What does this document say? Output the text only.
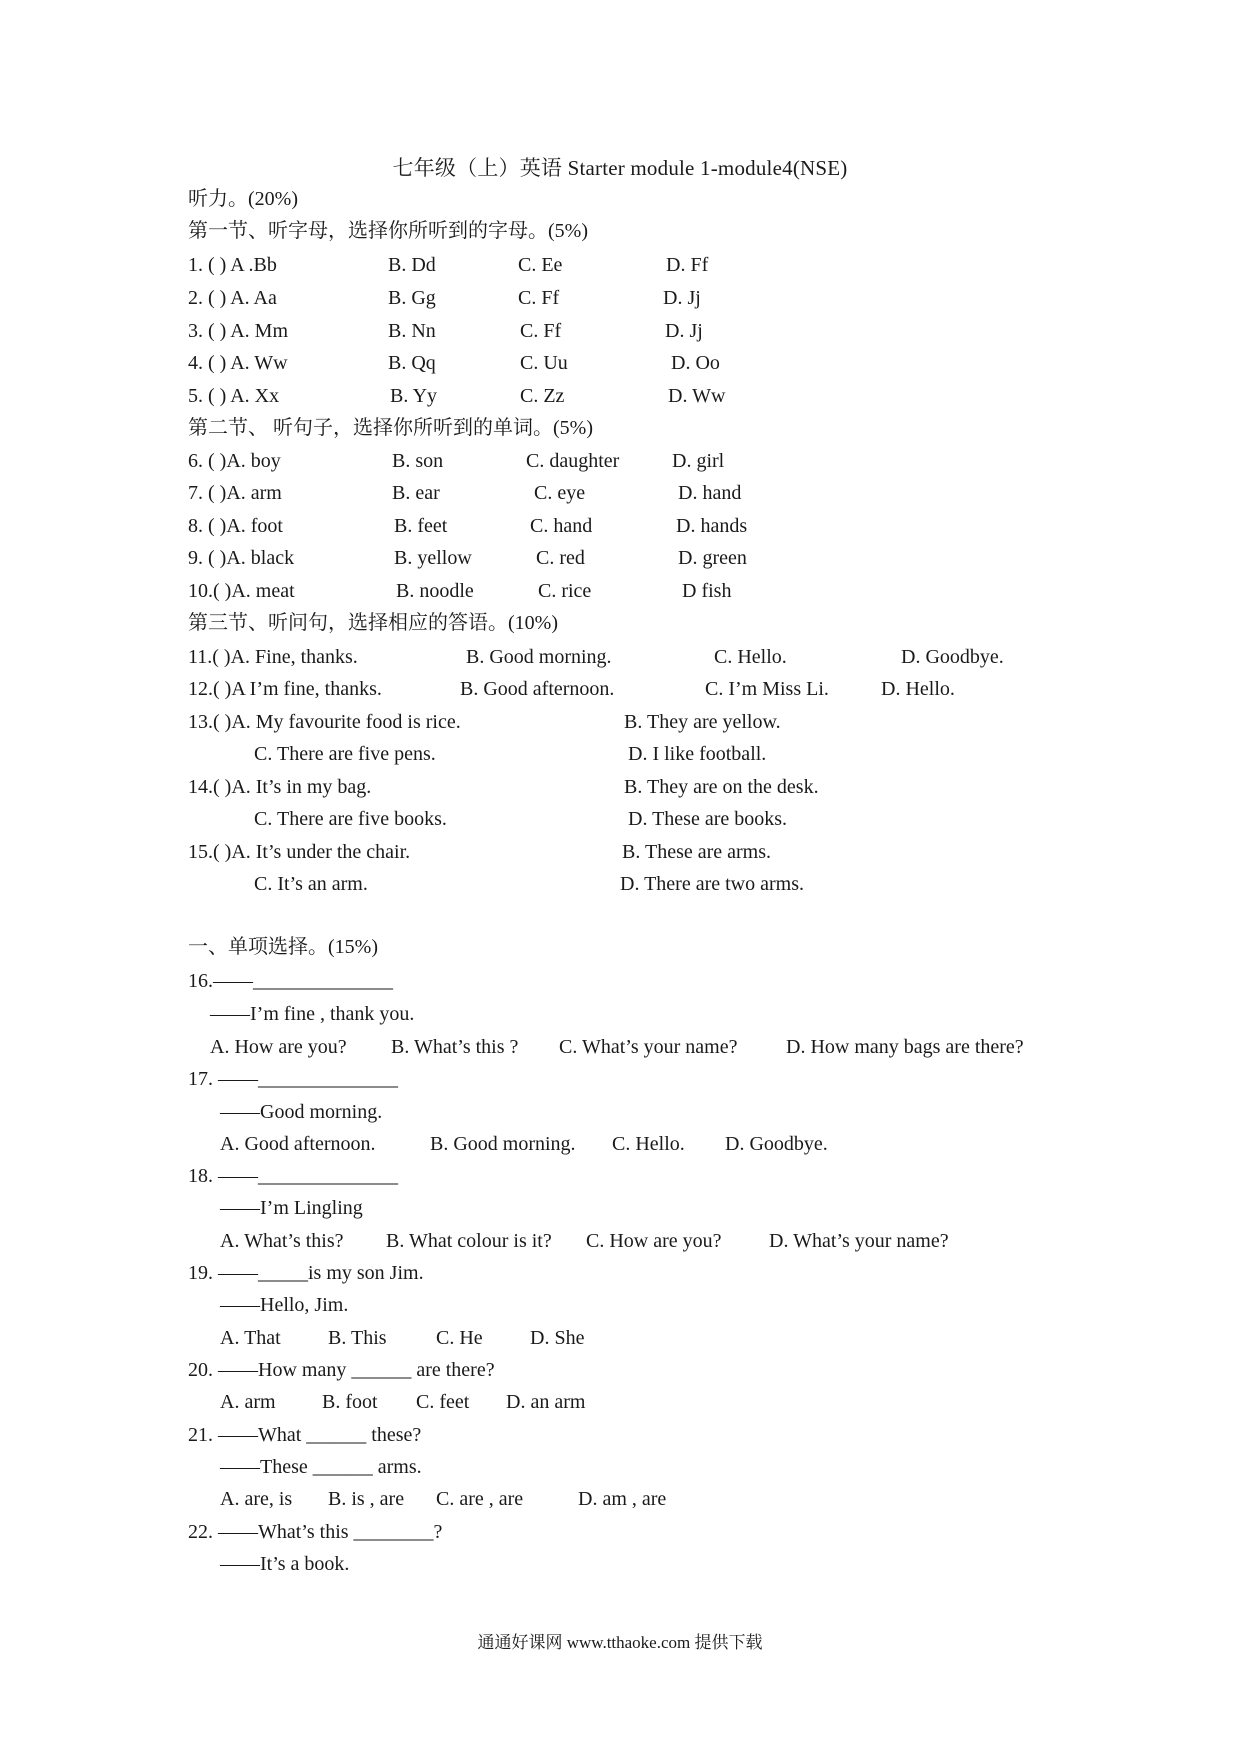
七年级（上）英语 Starter module 1-module4(NSE)
听力。(20%)
第一节、听字母，选择你所听到的字母。(5%)
1. ( ) A .Bb	B. Dd	C. Ee	D. Ff
2. ( ) A. Aa	B. Gg	C. Ff	D. Jj
3. ( ) A. Mm	B. Nn	C. Ff	D. Jj
4. ( ) A. Ww	B. Qq	C. Uu	D. Oo
5. ( ) A. Xx	B. Yy	C. Zz	D. Ww
第二节、 听句子，选择你所听到的单词。(5%)
6. ( )A. boy	B. son	C. daughter	D. girl
7. ( )A. arm	B. ear	C. eye	D. hand
8. ( )A. foot	B. feet	C. hand	D. hands
9. ( )A. black	B. yellow	C. red	D. green
10.( )A. meat	B. noodle	C. rice	D fish
第三节、听问句，选择相应的答语。(10%)
11.( )A. Fine, thanks.	B. Good morning.	C. Hello.	D. Goodbye.
12.( )A I’m fine, thanks.	B. Good afternoon.	C. I’m Miss Li.	D. Hello.
13.( )A. My favourite food is rice.	B. They are yellow.
C. There are five pens.	D. I like football.
14.( )A. It’s in my bag.	B. They are on the desk.
C. There are five books.	D. These are books.
15.( )A. It’s under the chair.	B. These are arms.
C. It’s an arm.	D. There are two arms.
一、单项选择。(15%)
16.——______________
——I’m fine , thank you.
A. How are you? B. What’s this ? C. What’s your name? D. How many bags are there?
17. ——______________
——Good morning.
A. Good afternoon.	B. Good morning. C. Hello. D. Goodbye.
18. ——______________
——I’m Lingling
A. What’s this? B. What colour is it? C. How are you? D. What’s your name?
19. ——_____is my son Jim.
——Hello, Jim.
A. That B. This C. He D. She
20. ——How many ______ are there?
A. arm B. foot C. feet D. an arm
21. ——What ______ these?
——These ______ arms.
A. are, is B. is , are C. are , are	D. am , are
22. ——What’s this ________?
——It’s a book.
通通好课网 www.tthaoke.com 提供下载
